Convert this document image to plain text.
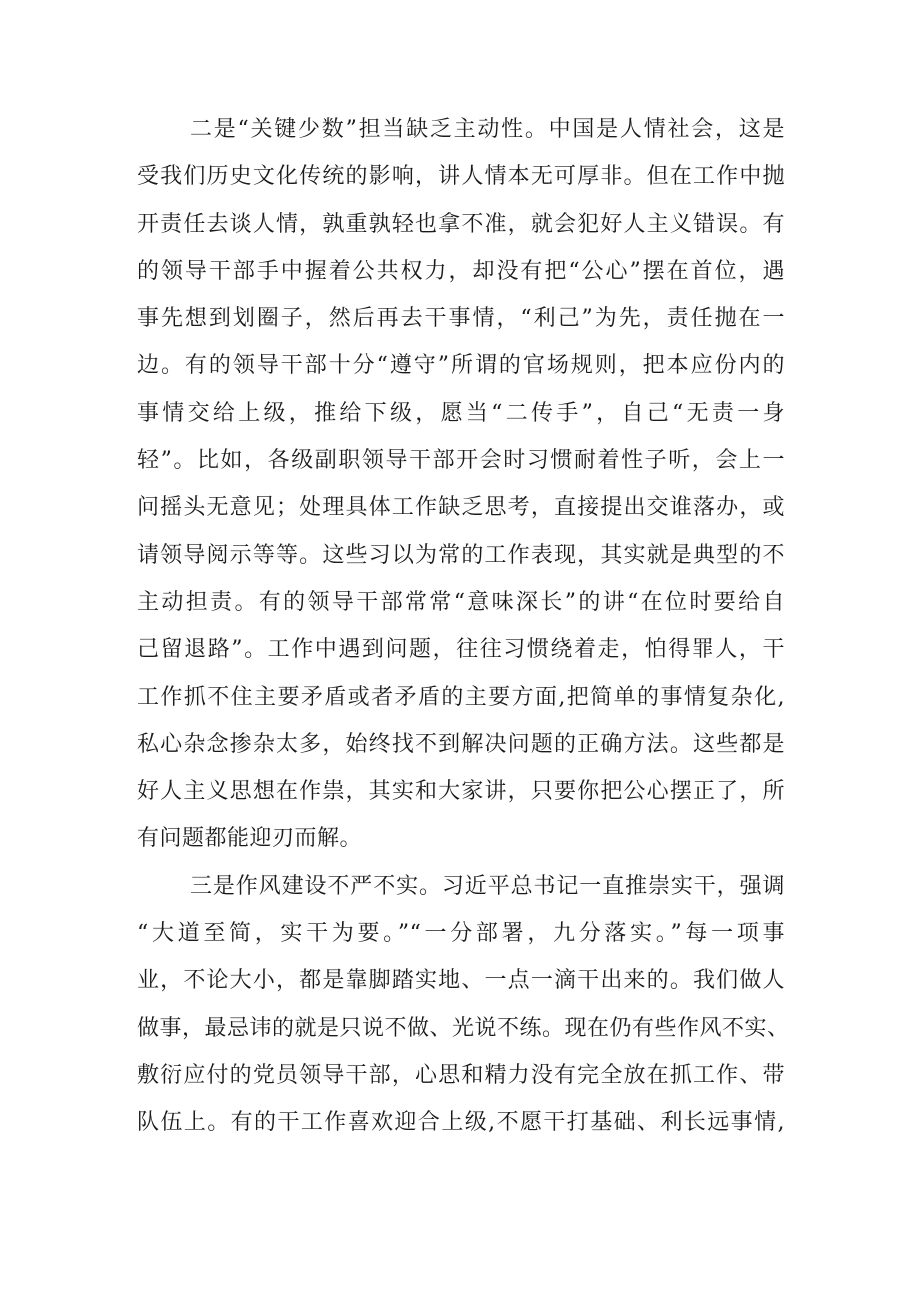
二是“关键少数”担当缺乏主动性。中国是人情社会，这是
受我们历史文化传统的影响，讲人情本无可厚非。但在工作中抛
开责任去谈人情，孰重孰轻也拿不准，就会犯好人主义错误。有
的领导干部手中握着公共权力，却没有把“公心”摆在首位，遇
事先想到划圈子，然后再去干事情，“利己”为先，责任抛在一
边。有的领导干部十分“遵守”所谓的官场规则，把本应份内的
事情交给上级，推给下级，愿当“二传手”，自己“无责一身
轻”。比如，各级副职领导干部开会时习惯耐着性子听，会上一
问摇头无意见；处理具体工作缺乏思考，直接提出交谁落办，或
请领导阅示等等。这些习以为常的工作表现，其实就是典型的不
主动担责。有的领导干部常常“意味深长”的讲“在位时要给自
己留退路”。工作中遇到问题，往往习惯绕着走，怕得罪人，干
工作抓不住主要矛盾或者矛盾的主要方面,把简单的事情复杂化,
私心杂念掺杂太多，始终找不到解决问题的正确方法。这些都是
好人主义思想在作祟，其实和大家讲，只要你把公心摆正了，所
有问题都能迎刃而解。
三是作风建设不严不实。习近平总书记一直推崇实干，强调
“大道至简，实干为要。”“一分部署，九分落实。”每一项事
业，不论大小，都是靠脚踏实地、一点一滴干出来的。我们做人
做事，最忌讳的就是只说不做、光说不练。现在仍有些作风不实、
敷衍应付的党员领导干部，心思和精力没有完全放在抓工作、带
队伍上。有的干工作喜欢迎合上级,不愿干打基础、利长远事情,
